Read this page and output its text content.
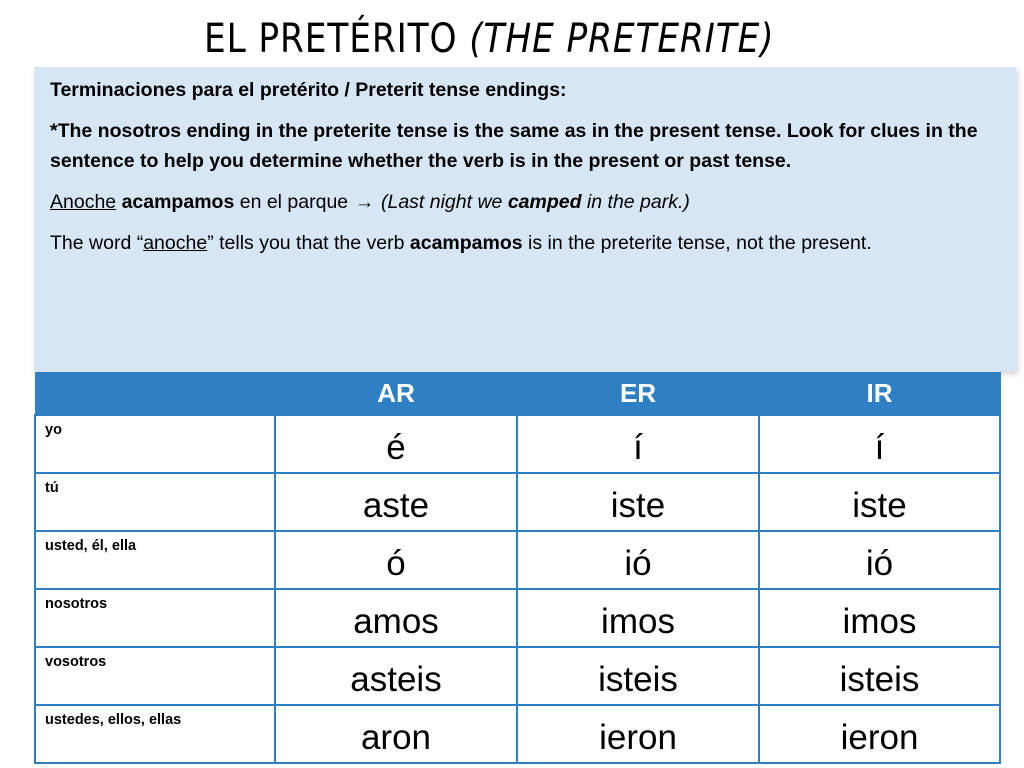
EL PRETÉRITO (THE PRETERITE)

Terminaciones para el pretérito / Preterit tense endings:

*The nosotros ending in the preterite tense is the same as in the present tense. Look for clues in the sentence to help you determine whether the verb is in the present or past tense.

Anoche acampamos en el parque → (Last night we camped in the park.)

The word “anoche” tells you that the verb acampamos is in the preterite tense, not the present.

	AR	ER	IR
yo	é	í	í
tú	aste	iste	iste
usted, él, ella	ó	ió	ió
nosotros	amos	imos	imos
vosotros	asteis	isteis	isteis
ustedes, ellos, ellas	aron	ieron	ieron
